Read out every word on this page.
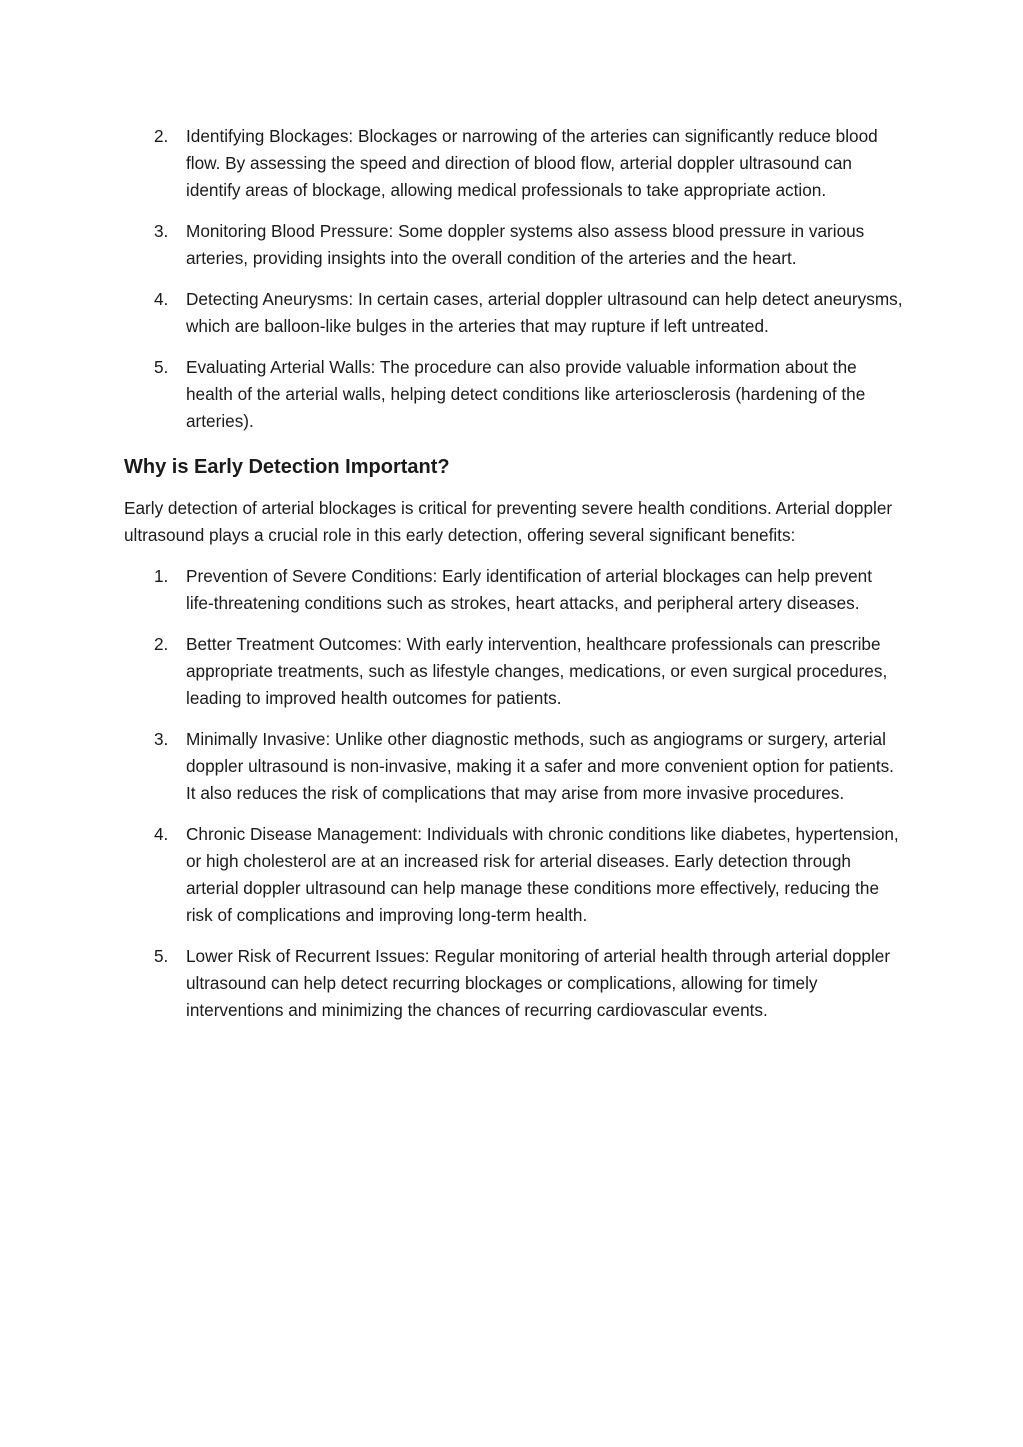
2. Identifying Blockages: Blockages or narrowing of the arteries can significantly reduce blood flow. By assessing the speed and direction of blood flow, arterial doppler ultrasound can identify areas of blockage, allowing medical professionals to take appropriate action.
3. Monitoring Blood Pressure: Some doppler systems also assess blood pressure in various arteries, providing insights into the overall condition of the arteries and the heart.
4. Detecting Aneurysms: In certain cases, arterial doppler ultrasound can help detect aneurysms, which are balloon-like bulges in the arteries that may rupture if left untreated.
5. Evaluating Arterial Walls: The procedure can also provide valuable information about the health of the arterial walls, helping detect conditions like arteriosclerosis (hardening of the arteries).
Why is Early Detection Important?

Early detection of arterial blockages is critical for preventing severe health conditions. Arterial doppler ultrasound plays a crucial role in this early detection, offering several significant benefits:

1. Prevention of Severe Conditions: Early identification of arterial blockages can help prevent life-threatening conditions such as strokes, heart attacks, and peripheral artery diseases.
2. Better Treatment Outcomes: With early intervention, healthcare professionals can prescribe appropriate treatments, such as lifestyle changes, medications, or even surgical procedures, leading to improved health outcomes for patients.
3. Minimally Invasive: Unlike other diagnostic methods, such as angiograms or surgery, arterial doppler ultrasound is non-invasive, making it a safer and more convenient option for patients. It also reduces the risk of complications that may arise from more invasive procedures.
4. Chronic Disease Management: Individuals with chronic conditions like diabetes, hypertension, or high cholesterol are at an increased risk for arterial diseases. Early detection through arterial doppler ultrasound can help manage these conditions more effectively, reducing the risk of complications and improving long-term health.
5. Lower Risk of Recurrent Issues: Regular monitoring of arterial health through arterial doppler ultrasound can help detect recurring blockages or complications, allowing for timely interventions and minimizing the chances of recurring cardiovascular events.
